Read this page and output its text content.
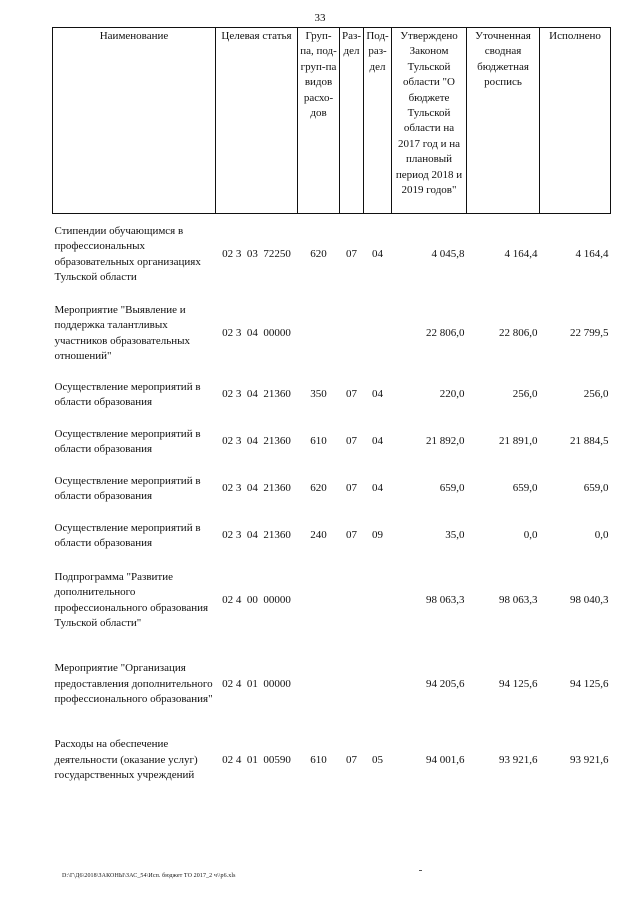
33
Наименование	Целевая статья	Груп-па, под-груп-па видов расхо-дов	Раз-дел	Под-раз-дел	Утверждено Законом Тульской области "О бюджете Тульской области на 2017 год и на плановый период 2018 и 2019 годов"	Уточненная сводная бюджетная роспись	Исполнено
Стипендии обучающимся в профессиональных образовательных организациях Тульской области	02 3  03  72250	620	07	04	4 045,8	4 164,4	4 164,4
Мероприятие "Выявление и поддержка талантливых участников образовательных отношений"	02 3  04  00000				22 806,0	22 806,0	22 799,5
Осуществление мероприятий в области образования	02 3  04  21360	350	07	04	220,0	256,0	256,0
Осуществление мероприятий в области образования	02 3  04  21360	610	07	04	21 892,0	21 891,0	21 884,5
Осуществление мероприятий в области образования	02 3  04  21360	620	07	04	659,0	659,0	659,0
Осуществление мероприятий в области образования	02 3  04  21360	240	07	09	35,0	0,0	0,0
Подпрограмма "Развитие дополнительного профессионального образования Тульской области"	02 4  00  00000				98 063,3	98 063,3	98 040,3
Мероприятие "Организация предоставления дополнительного профессионального образования"	02 4  01  00000				94 205,6	94 125,6	94 125,6
Расходы на обеспечение деятельности (оказание услуг) государственных учреждений	02 4  01  00590	610	07	05	94 001,6	93 921,6	93 921,6
D:\Г\Д6\2018\ЗАКОНЫ\ЗАС_54\Исп. бюджет ТО 2017_2 ч\\р6.xls
